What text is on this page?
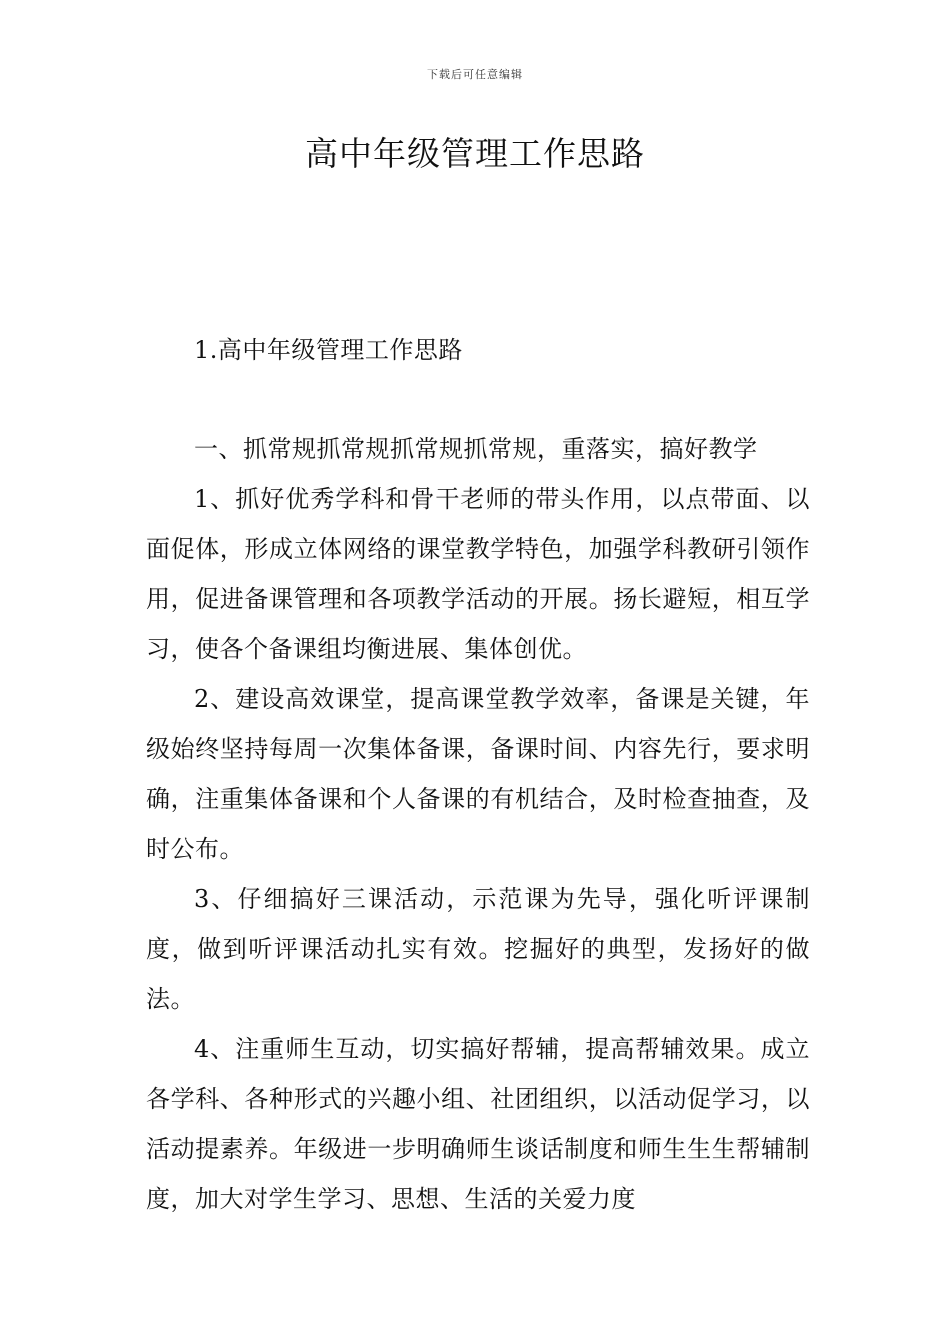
下载后可任意编辑
高中年级管理工作思路

1.高中年级管理工作思路

一、抓常规抓常规抓常规抓常规，重落实，搞好教学

1、抓好优秀学科和骨干老师的带头作用，以点带面、以面促体，形成立体网络的课堂教学特色，加强学科教研引领作用，促进备课管理和各项教学活动的开展。扬长避短，相互学习，使各个备课组均衡进展、集体创优。

2、建设高效课堂，提高课堂教学效率，备课是关键，年级始终坚持每周一次集体备课，备课时间、内容先行，要求明确，注重集体备课和个人备课的有机结合，及时检查抽查，及时公布。

3、仔细搞好三课活动，示范课为先导，强化听评课制度，做到听评课活动扎实有效。挖掘好的典型，发扬好的做法。

4、注重师生互动，切实搞好帮辅，提高帮辅效果。成立各学科、各种形式的兴趣小组、社团组织，以活动促学习，以活动提素养。年级进一步明确师生谈话制度和师生生生帮辅制度，加大对学生学习、思想、生活的关爱力度
